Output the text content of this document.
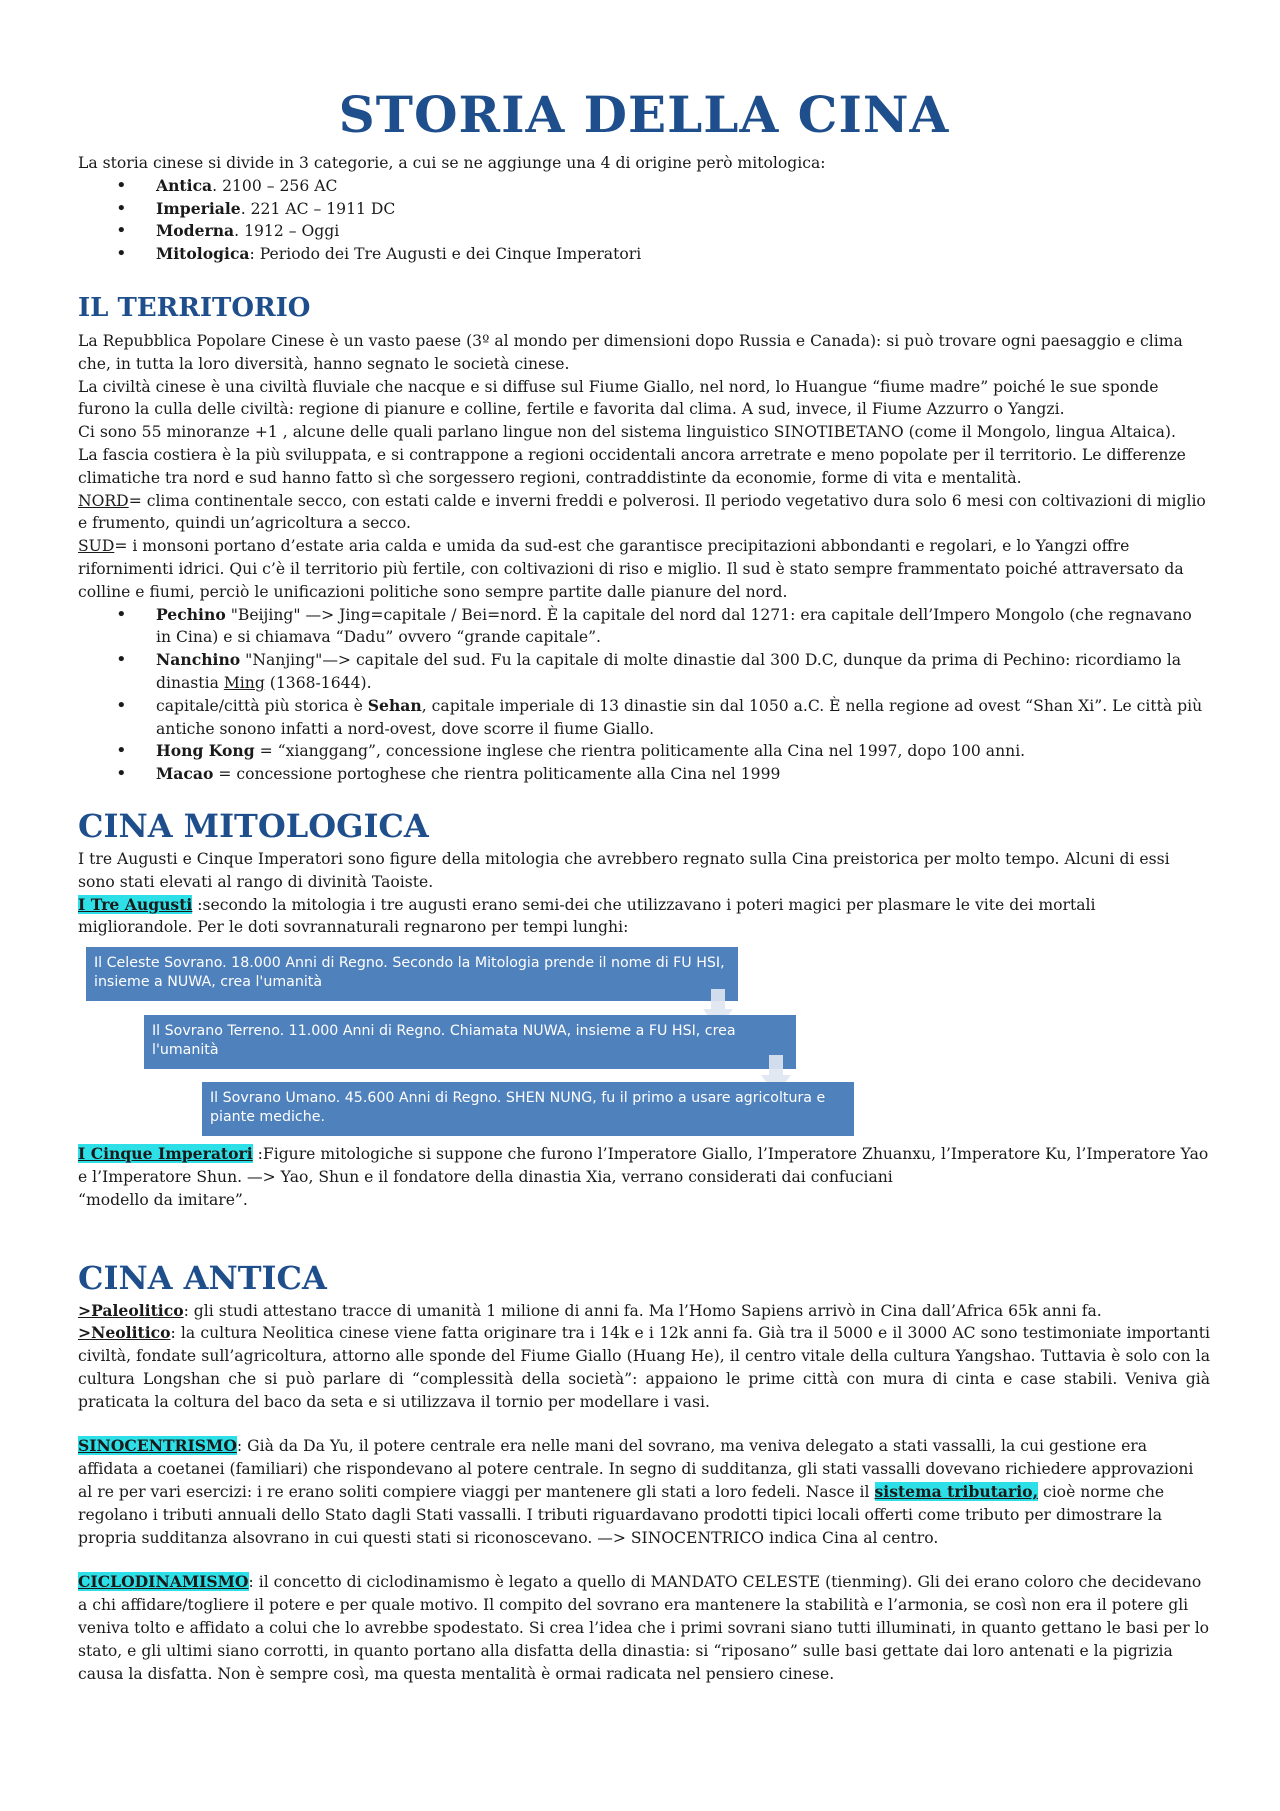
STORIA DELLA CINA

La storia cinese si divide in 3 categorie, a cui se ne aggiunge una 4 di origine però mitologica:

• Antica. 2100 – 256 AC
• Imperiale. 221 AC – 1911 DC
• Moderna. 1912 – Oggi
• Mitologica: Periodo dei Tre Augusti e dei Cinque Imperatori
IL TERRITORIO

La Repubblica Popolare Cinese è un vasto paese (3º al mondo per dimensioni dopo Russia e Canada): si può trovare ogni paesaggio e clima che, in tutta la loro diversità, hanno segnato le società cinese.

La civiltà cinese è una civiltà fluviale che nacque e si diffuse sul Fiume Giallo, nel nord, lo Huangue “fiume madre” poiché le sue sponde furono la culla delle civiltà: regione di pianure e colline, fertile e favorita dal clima. A sud, invece, il Fiume Azzurro o Yangzi.

Ci sono 55 minoranze +1 , alcune delle quali parlano lingue non del sistema linguistico SINOTIBETANO (come il Mongolo, lingua Altaica).

La fascia costiera è la più sviluppata, e si contrappone a regioni occidentali ancora arretrate e meno popolate per il territorio. Le differenze climatiche tra nord e sud hanno fatto sì che sorgessero regioni, contraddistinte da economie, forme di vita e mentalità.

NORD= clima continentale secco, con estati calde e inverni freddi e polverosi. Il periodo vegetativo dura solo 6 mesi con coltivazioni di miglio e frumento, quindi un’agricoltura a secco.

SUD= i monsoni portano d’estate aria calda e umida da sud-est che garantisce precipitazioni abbondanti e regolari, e lo Yangzi offre rifornimenti idrici. Qui c’è il territorio più fertile, con coltivazioni di riso e miglio. Il sud è stato sempre frammentato poiché attraversato da colline e fiumi, perciò le unificazioni politiche sono sempre partite dalle pianure del nord.

• Pechino "Beijing" —> Jing=capitale / Bei=nord. È la capitale del nord dal 1271: era capitale dell’Impero Mongolo (che regnavano in Cina) e si chiamava “Dadu” ovvero “grande capitale”.
• Nanchino "Nanjing"—> capitale del sud. Fu la capitale di molte dinastie dal 300 D.C, dunque da prima di Pechino: ricordiamo la dinastia Ming (1368-1644).
• capitale/città più storica è Sehan, capitale imperiale di 13 dinastie sin dal 1050 a.C. È nella regione ad ovest “Shan Xi”. Le città più antiche sonono infatti a nord-ovest, dove scorre il fiume Giallo.
• Hong Kong = “xianggang”, concessione inglese che rientra politicamente alla Cina nel 1997, dopo 100 anni.
• Macao = concessione portoghese che rientra politicamente alla Cina nel 1999
CINA MITOLOGICA

I tre Augusti e Cinque Imperatori sono figure della mitologia che avrebbero regnato sulla Cina preistorica per molto tempo. Alcuni di essi sono stati elevati al rango di divinità Taoiste.

I Tre Augusti :secondo la mitologia i tre augusti erano semi-dei che utilizzavano i poteri magici per plasmare le vite dei mortali migliorandole. Per le doti sovrannaturali regnarono per tempi lunghi:

Il Celeste Sovrano. 18.000 Anni di Regno. Secondo la Mitologia prende il nome di FU HSI, insieme a NUWA, crea l'umanità
Il Sovrano Terreno. 11.000 Anni di Regno. Chiamata NUWA, insieme a FU HSI, crea l'umanità
Il Sovrano Umano. 45.600 Anni di Regno. SHEN NUNG, fu il primo a usare agricoltura e piante mediche.

I Cinque Imperatori :Figure mitologiche si suppone che furono l’Imperatore Giallo, l’Imperatore Zhuanxu, l’Imperatore Ku, l’Imperatore Yao e l’Imperatore Shun. —> Yao, Shun e il fondatore della dinastia Xia, verrano considerati dai confuciani
“modello da imitare”.

CINA ANTICA

>Paleolitico: gli studi attestano tracce di umanità 1 milione di anni fa. Ma l’Homo Sapiens arrivò in Cina dall’Africa 65k anni fa.

>Neolitico: la cultura Neolitica cinese viene fatta originare tra i 14k e i 12k anni fa. Già tra il 5000 e il 3000 AC sono testimoniate importanti civiltà, fondate sull’agricoltura, attorno alle sponde del Fiume Giallo (Huang He), il centro vitale della cultura Yangshao. Tuttavia è solo con la cultura Longshan che si può parlare di “complessità della società”: appaiono le prime città con mura di cinta e case stabili. Veniva già praticata la coltura del baco da seta e si utilizzava il tornio per modellare i vasi.

SINOCENTRISMO: Già da Da Yu, il potere centrale era nelle mani del sovrano, ma veniva delegato a stati vassalli, la cui gestione era affidata a coetanei (familiari) che rispondevano al potere centrale. In segno di sudditanza, gli stati vassalli dovevano richiedere approvazioni al re per vari esercizi: i re erano soliti compiere viaggi per mantenere gli stati a loro fedeli. Nasce il sistema tributario, cioè norme che regolano i tributi annuali dello Stato dagli Stati vassalli. I tributi riguardavano prodotti tipici locali offerti come tributo per dimostrare la propria sudditanza alsovrano in cui questi stati si riconoscevano. —> SINOCENTRICO indica Cina al centro.

CICLODINAMISMO: il concetto di ciclodinamismo è legato a quello di MANDATO CELESTE (tienming). Gli dei erano coloro che decidevano a chi affidare/togliere il potere e per quale motivo. Il compito del sovrano era mantenere la stabilità e l’armonia, se così non era il potere gli veniva tolto e affidato a colui che lo avrebbe spodestato. Si crea l’idea che i primi sovrani siano tutti illuminati, in quanto gettano le basi per lo stato, e gli ultimi siano corrotti, in quanto portano alla disfatta della dinastia: si “riposano” sulle basi gettate dai loro antenati e la pigrizia causa la disfatta. Non è sempre così, ma questa mentalità è ormai radicata nel pensiero cinese.
